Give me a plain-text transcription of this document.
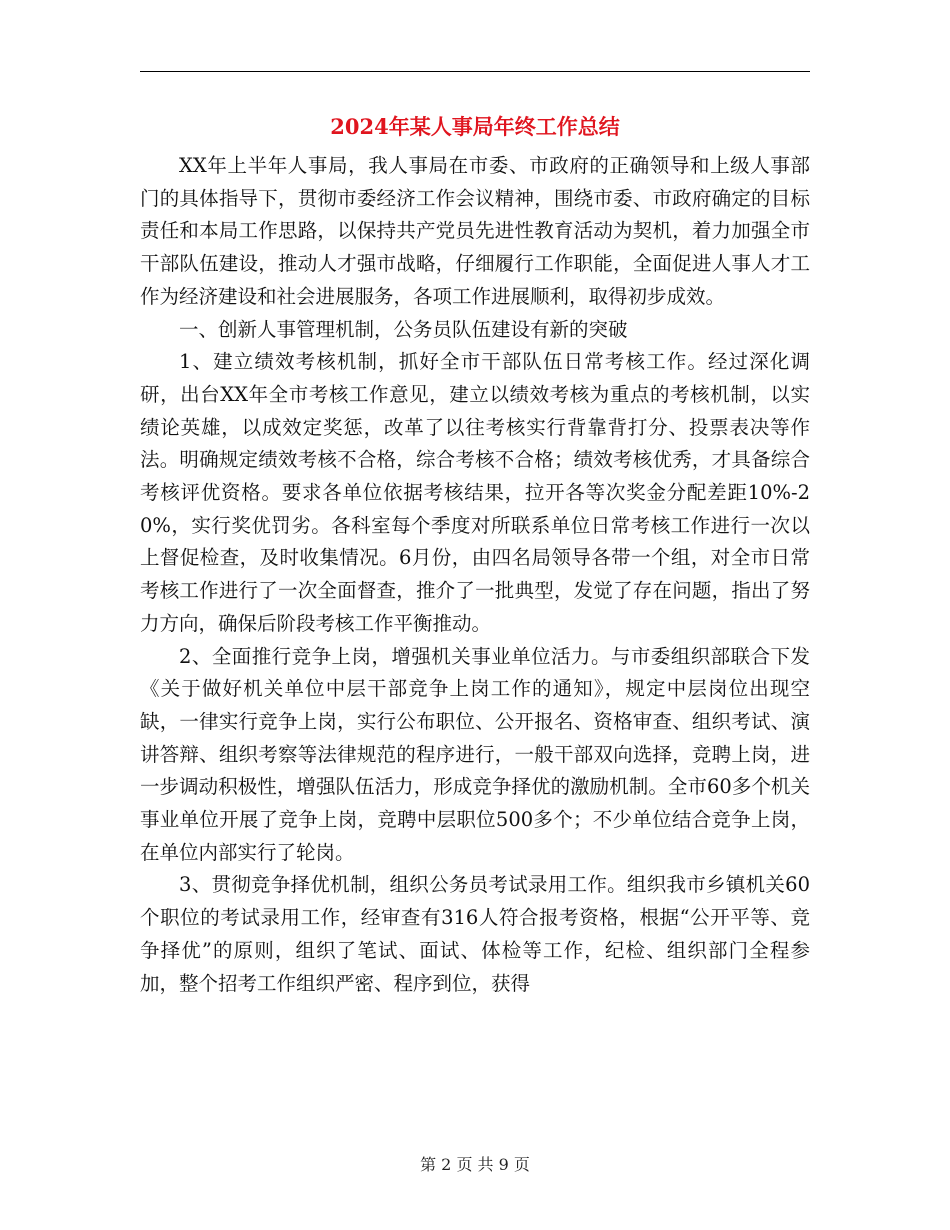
2024年某人事局年终工作总结

XX年上半年人事局，我人事局在市委、市政府的正确领导和上级人事部门的具体指导下，贯彻市委经济工作会议精神，围绕市委、市政府确定的目标责任和本局工作思路，以保持共产党员先进性教育活动为契机，着力加强全市干部队伍建设，推动人才强市战略，仔细履行工作职能，全面促进人事人才工作为经济建设和社会进展服务，各项工作进展顺利，取得初步成效。

一、创新人事管理机制，公务员队伍建设有新的突破

1、建立绩效考核机制，抓好全市干部队伍日常考核工作。经过深化调研，出台XX年全市考核工作意见，建立以绩效考核为重点的考核机制，以实绩论英雄，以成效定奖惩，改革了以往考核实行背靠背打分、投票表决等作法。明确规定绩效考核不合格，综合考核不合格；绩效考核优秀，才具备综合考核评优资格。要求各单位依据考核结果，拉开各等次奖金分配差距10%-20%，实行奖优罚劣。各科室每个季度对所联系单位日常考核工作进行一次以上督促检查，及时收集情况。6月份，由四名局领导各带一个组，对全市日常考核工作进行了一次全面督查，推介了一批典型，发觉了存在问题，指出了努力方向，确保后阶段考核工作平衡推动。

2、全面推行竞争上岗，增强机关事业单位活力。与市委组织部联合下发《关于做好机关单位中层干部竞争上岗工作的通知》，规定中层岗位出现空缺，一律实行竞争上岗，实行公布职位、公开报名、资格审查、组织考试、演讲答辩、组织考察等法律规范的程序进行，一般干部双向选择，竞聘上岗，进一步调动积极性，增强队伍活力，形成竞争择优的激励机制。全市60多个机关事业单位开展了竞争上岗，竞聘中层职位500多个；不少单位结合竞争上岗，在单位内部实行了轮岗。

3、贯彻竞争择优机制，组织公务员考试录用工作。组织我市乡镇机关60个职位的考试录用工作，经审查有316人符合报考资格，根据“公开平等、竞争择优”的原则，组织了笔试、面试、体检等工作，纪检、组织部门全程参加，整个招考工作组织严密、程序到位，获得

第 2 页 共 9 页
